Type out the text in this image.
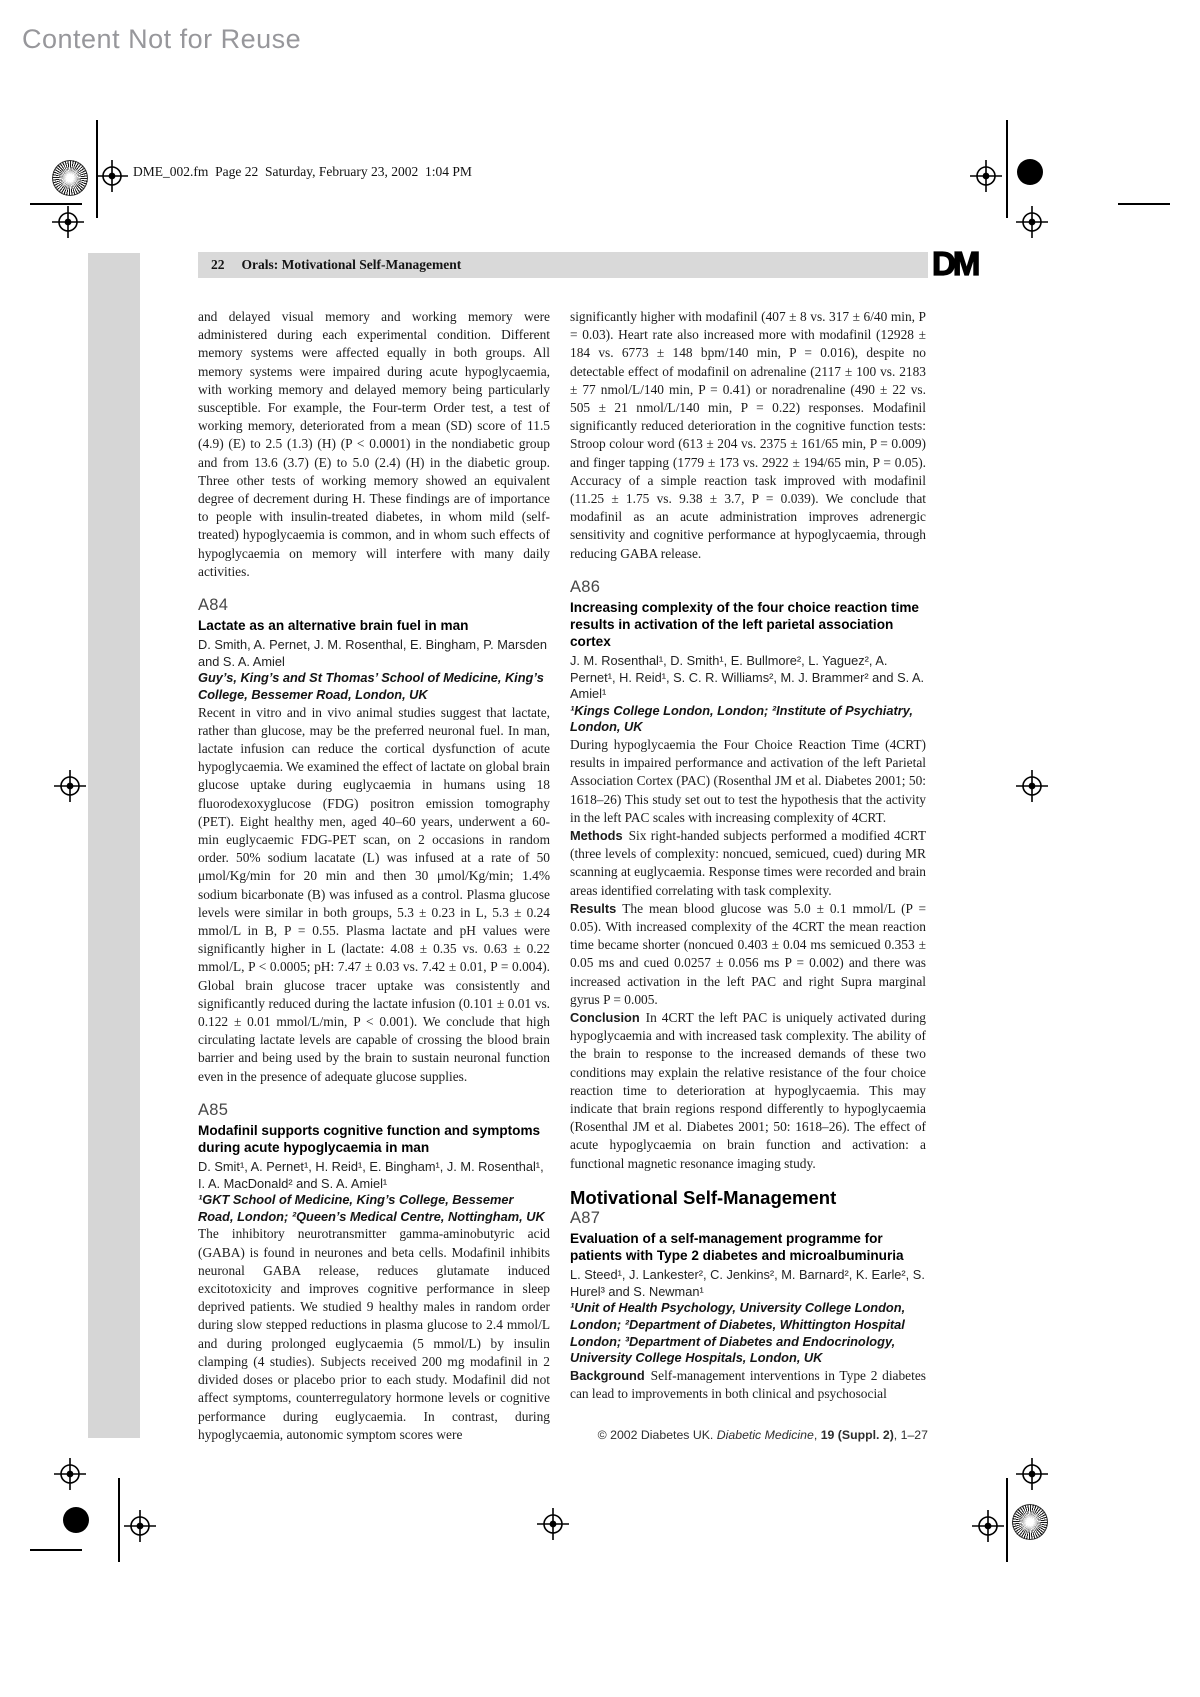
Content Not for Reuse
DME_002.fm  Page 22  Saturday, February 23, 2002  1:04 PM
22 Orals: Motivational Self-Management	DM

and delayed visual memory and working memory were administered during each experimental condition. Different memory systems were affected equally in both groups. All memory systems were impaired during acute hypoglycaemia, with working memory and delayed memory being particularly susceptible. For example, the Four-term Order test, a test of working memory, deteriorated from a mean (SD) score of 11.5 (4.9) (E) to 2.5 (1.3) (H) (P < 0.0001) in the nondiabetic group and from 13.6 (3.7) (E) to 5.0 (2.4) (H) in the diabetic group. Three other tests of working memory showed an equivalent degree of decrement during H. These findings are of importance to people with insulin-treated diabetes, in whom mild (self-treated) hypoglycaemia is common, and in whom such effects of hypoglycaemia on memory will interfere with many daily activities.

A84
Lactate as an alternative brain fuel in man

D. Smith, A. Pernet, J. M. Rosenthal, E. Bingham, P. Marsden and S. A. Amiel

Guy’s, King’s and St Thomas’ School of Medicine, King’s College, Bessemer Road, London, UK

Recent in vitro and in vivo animal studies suggest that lactate, rather than glucose, may be the preferred neuronal fuel. In man, lactate infusion can reduce the cortical dysfunction of acute hypoglycaemia. We examined the effect of lactate on global brain glucose uptake during euglycaemia in humans using 18 fluorodexoxyglucose (FDG) positron emission tomography (PET). Eight healthy men, aged 40–60 years, underwent a 60-min euglycaemic FDG-PET scan, on 2 occasions in random order. 50% sodium lacatate (L) was infused at a rate of 50 μmol/Kg/min for 20 min and then 30 μmol/Kg/min; 1.4% sodium bicarbonate (B) was infused as a control. Plasma glucose levels were similar in both groups, 5.3 ± 0.23 in L, 5.3 ± 0.24 mmol/L in B, P = 0.55. Plasma lactate and pH values were significantly higher in L (lactate: 4.08 ± 0.35 vs. 0.63 ± 0.22 mmol/L, P < 0.0005; pH: 7.47 ± 0.03 vs. 7.42 ± 0.01, P = 0.004). Global brain glucose tracer uptake was consistently and significantly reduced during the lactate infusion (0.101 ± 0.01 vs. 0.122 ± 0.01 mmol/L/min, P < 0.001). We conclude that high circulating lactate levels are capable of crossing the blood brain barrier and being used by the brain to sustain neuronal function even in the presence of adequate glucose supplies.

A85
Modafinil supports cognitive function and symptoms during acute hypoglycaemia in man

D. Smit¹, A. Pernet¹, H. Reid¹, E. Bingham¹, J. M. Rosenthal¹, I. A. MacDonald² and S. A. Amiel¹

¹GKT School of Medicine, King’s College, Bessemer Road, London; ²Queen’s Medical Centre, Nottingham, UK

The inhibitory neurotransmitter gamma-aminobutyric acid (GABA) is found in neurones and beta cells. Modafinil inhibits neuronal GABA release, reduces glutamate induced excitotoxicity and improves cognitive performance in sleep deprived patients. We studied 9 healthy males in random order during slow stepped reductions in plasma glucose to 2.4 mmol/L and during prolonged euglycaemia (5 mmol/L) by insulin clamping (4 studies). Subjects received 200 mg modafinil in 2 divided doses or placebo prior to each study. Modafinil did not affect symptoms, counterregulatory hormone levels or cognitive performance during euglycaemia. In contrast, during hypoglycaemia, autonomic symptom scores were

significantly higher with modafinil (407 ± 8 vs. 317 ± 6/40 min, P = 0.03). Heart rate also increased more with modafinil (12928 ± 184 vs. 6773 ± 148 bpm/140 min, P = 0.016), despite no detectable effect of modafinil on adrenaline (2117 ± 100 vs. 2183 ± 77 nmol/L/140 min, P = 0.41) or noradrenaline (490 ± 22 vs. 505 ± 21 nmol/L/140 min, P = 0.22) responses. Modafinil significantly reduced deterioration in the cognitive function tests: Stroop colour word (613 ± 204 vs. 2375 ± 161/65 min, P = 0.009) and finger tapping (1779 ± 173 vs. 2922 ± 194/65 min, P = 0.05). Accuracy of a simple reaction task improved with modafinil (11.25 ± 1.75 vs. 9.38 ± 3.7, P = 0.039). We conclude that modafinil as an acute administration improves adrenergic sensitivity and cognitive performance at hypoglycaemia, through reducing GABA release.

A86
Increasing complexity of the four choice reaction time results in activation of the left parietal association cortex

J. M. Rosenthal¹, D. Smith¹, E. Bullmore², L. Yaguez², A. Pernet¹, H. Reid¹, S. C. R. Williams², M. J. Brammer² and S. A. Amiel¹

¹Kings College London, London; ²Institute of Psychiatry, London, UK

During hypoglycaemia the Four Choice Reaction Time (4CRT) results in impaired performance and activation of the left Parietal Association Cortex (PAC) (Rosenthal JM et al. Diabetes 2001; 50: 1618–26) This study set out to test the hypothesis that the activity in the left PAC scales with increasing complexity of 4CRT.

Methods Six right-handed subjects performed a modified 4CRT (three levels of complexity: noncued, semicued, cued) during MR scanning at euglycaemia. Response times were recorded and brain areas identified correlating with task complexity.

Results The mean blood glucose was 5.0 ± 0.1 mmol/L (P = 0.05). With increased complexity of the 4CRT the mean reaction time became shorter (noncued 0.403 ± 0.04 ms semicued 0.353 ± 0.05 ms and cued 0.0257 ± 0.056 ms P = 0.002) and there was increased activation in the left PAC and right Supra marginal gyrus P = 0.005.

Conclusion In 4CRT the left PAC is uniquely activated during hypoglycaemia and with increased task complexity. The ability of the brain to response to the increased demands of these two conditions may explain the relative resistance of the four choice reaction time to deterioration at hypoglycaemia. This may indicate that brain regions respond differently to hypoglycaemia (Rosenthal JM et al. Diabetes 2001; 50: 1618–26). The effect of acute hypoglycaemia on brain function and activation: a functional magnetic resonance imaging study.

Motivational Self-Management
A87
Evaluation of a self-management programme for patients with Type 2 diabetes and microalbuminuria

L. Steed¹, J. Lankester², C. Jenkins², M. Barnard², K. Earle², S. Hurel³ and S. Newman¹

¹Unit of Health Psychology, University College London, London; ²Department of Diabetes, Whittington Hospital London; ³Department of Diabetes and Endocrinology, University College Hospitals, London, UK

Background Self-management interventions in Type 2 diabetes can lead to improvements in both clinical and psychosocial

© 2002 Diabetes UK. Diabetic Medicine, 19 (Suppl. 2), 1–27
